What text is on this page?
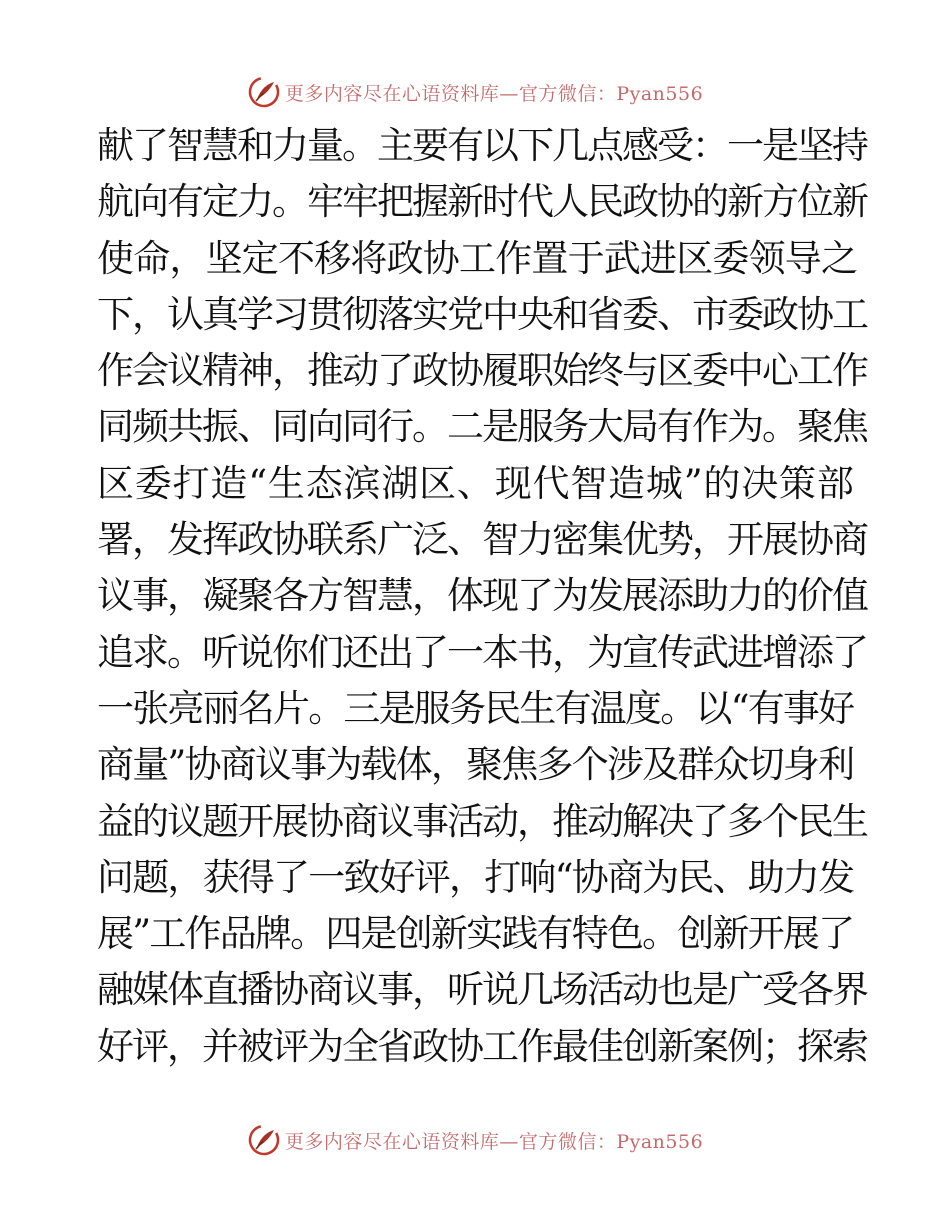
更多内容尽在心语资料库—官方微信：Pyan556
献了智慧和力量。主要有以下几点感受：一是坚持
航向有定力。牢牢把握新时代人民政协的新方位新
使命，坚定不移将政协工作置于武进区委领导之
下，认真学习贯彻落实党中央和省委、市委政协工
作会议精神，推动了政协履职始终与区委中心工作
同频共振、同向同行。二是服务大局有作为。聚焦
区委打造“生态滨湖区、现代智造城”的决策部
署，发挥政协联系广泛、智力密集优势，开展协商
议事，凝聚各方智慧，体现了为发展添助力的价值
追求。听说你们还出了一本书，为宣传武进增添了
一张亮丽名片。三是服务民生有温度。以“有事好
商量”协商议事为载体，聚焦多个涉及群众切身利
益的议题开展协商议事活动，推动解决了多个民生
问题，获得了一致好评，打响“协商为民、助力发
展”工作品牌。四是创新实践有特色。创新开展了
融媒体直播协商议事，听说几场活动也是广受各界
好评，并被评为全省政协工作最佳创新案例；探索
更多内容尽在心语资料库—官方微信：Pyan556
